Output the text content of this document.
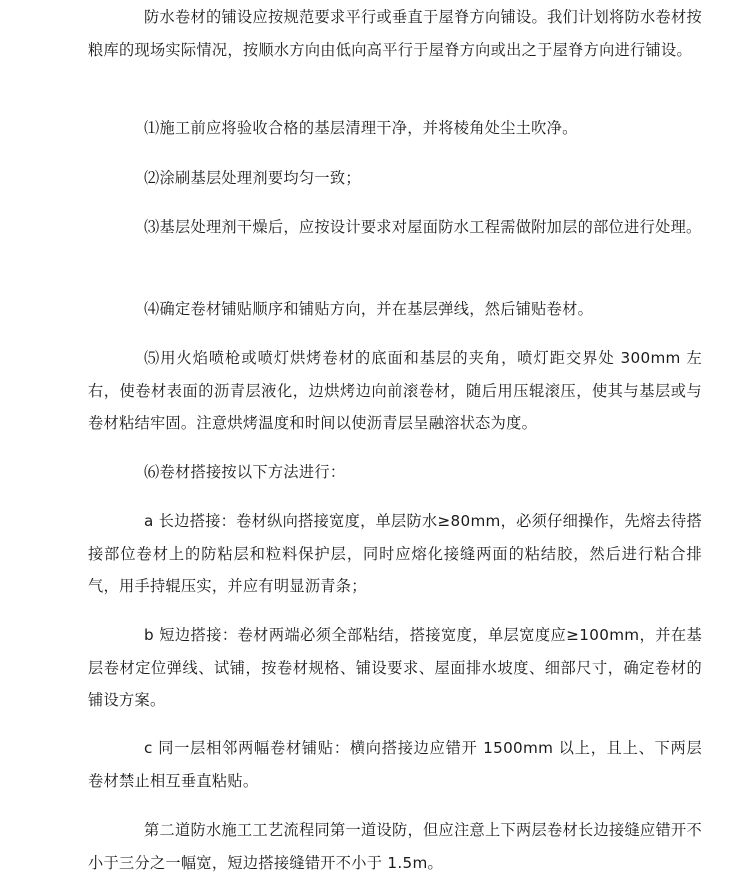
防水卷材的铺设应按规范要求平行或垂直于屋脊方向铺设。我们计划将防水卷材按粮库的现场实际情况，按顺水方向由低向高平行于屋脊方向或出之于屋脊方向进行铺设。

⑴施工前应将验收合格的基层清理干净，并将棱角处尘土吹净。

⑵涂刷基层处理剂要均匀一致；

⑶基层处理剂干燥后，应按设计要求对屋面防水工程需做附加层的部位进行处理。

⑷确定卷材铺贴顺序和铺贴方向，并在基层弹线，然后铺贴卷材。

⑸用火焰喷枪或喷灯烘烤卷材的底面和基层的夹角，喷灯距交界处 300mm 左右，使卷材表面的沥青层液化，边烘烤边向前滚卷材，随后用压辊滚压，使其与基层或与卷材粘结牢固。注意烘烤温度和时间以使沥青层呈融溶状态为度。

⑹卷材搭接按以下方法进行：

a 长边搭接：卷材纵向搭接宽度，单层防水≥80mm，必须仔细操作，先熔去待搭接部位卷材上的防粘层和粒料保护层，同时应熔化接缝两面的粘结胶，然后进行粘合排气，用手持辊压实，并应有明显沥青条；

b 短边搭接：卷材两端必须全部粘结，搭接宽度，单层宽度应≥100mm，并在基层卷材定位弹线、试铺，按卷材规格、铺设要求、屋面排水坡度、细部尺寸，确定卷材的铺设方案。

c 同一层相邻两幅卷材铺贴：横向搭接边应错开 1500mm 以上，且上、下两层卷材禁止相互垂直粘贴。

第二道防水施工工艺流程同第一道设防，但应注意上下两层卷材长边接缝应错开不小于三分之一幅宽，短边搭接缝错开不小于 1.5m。
